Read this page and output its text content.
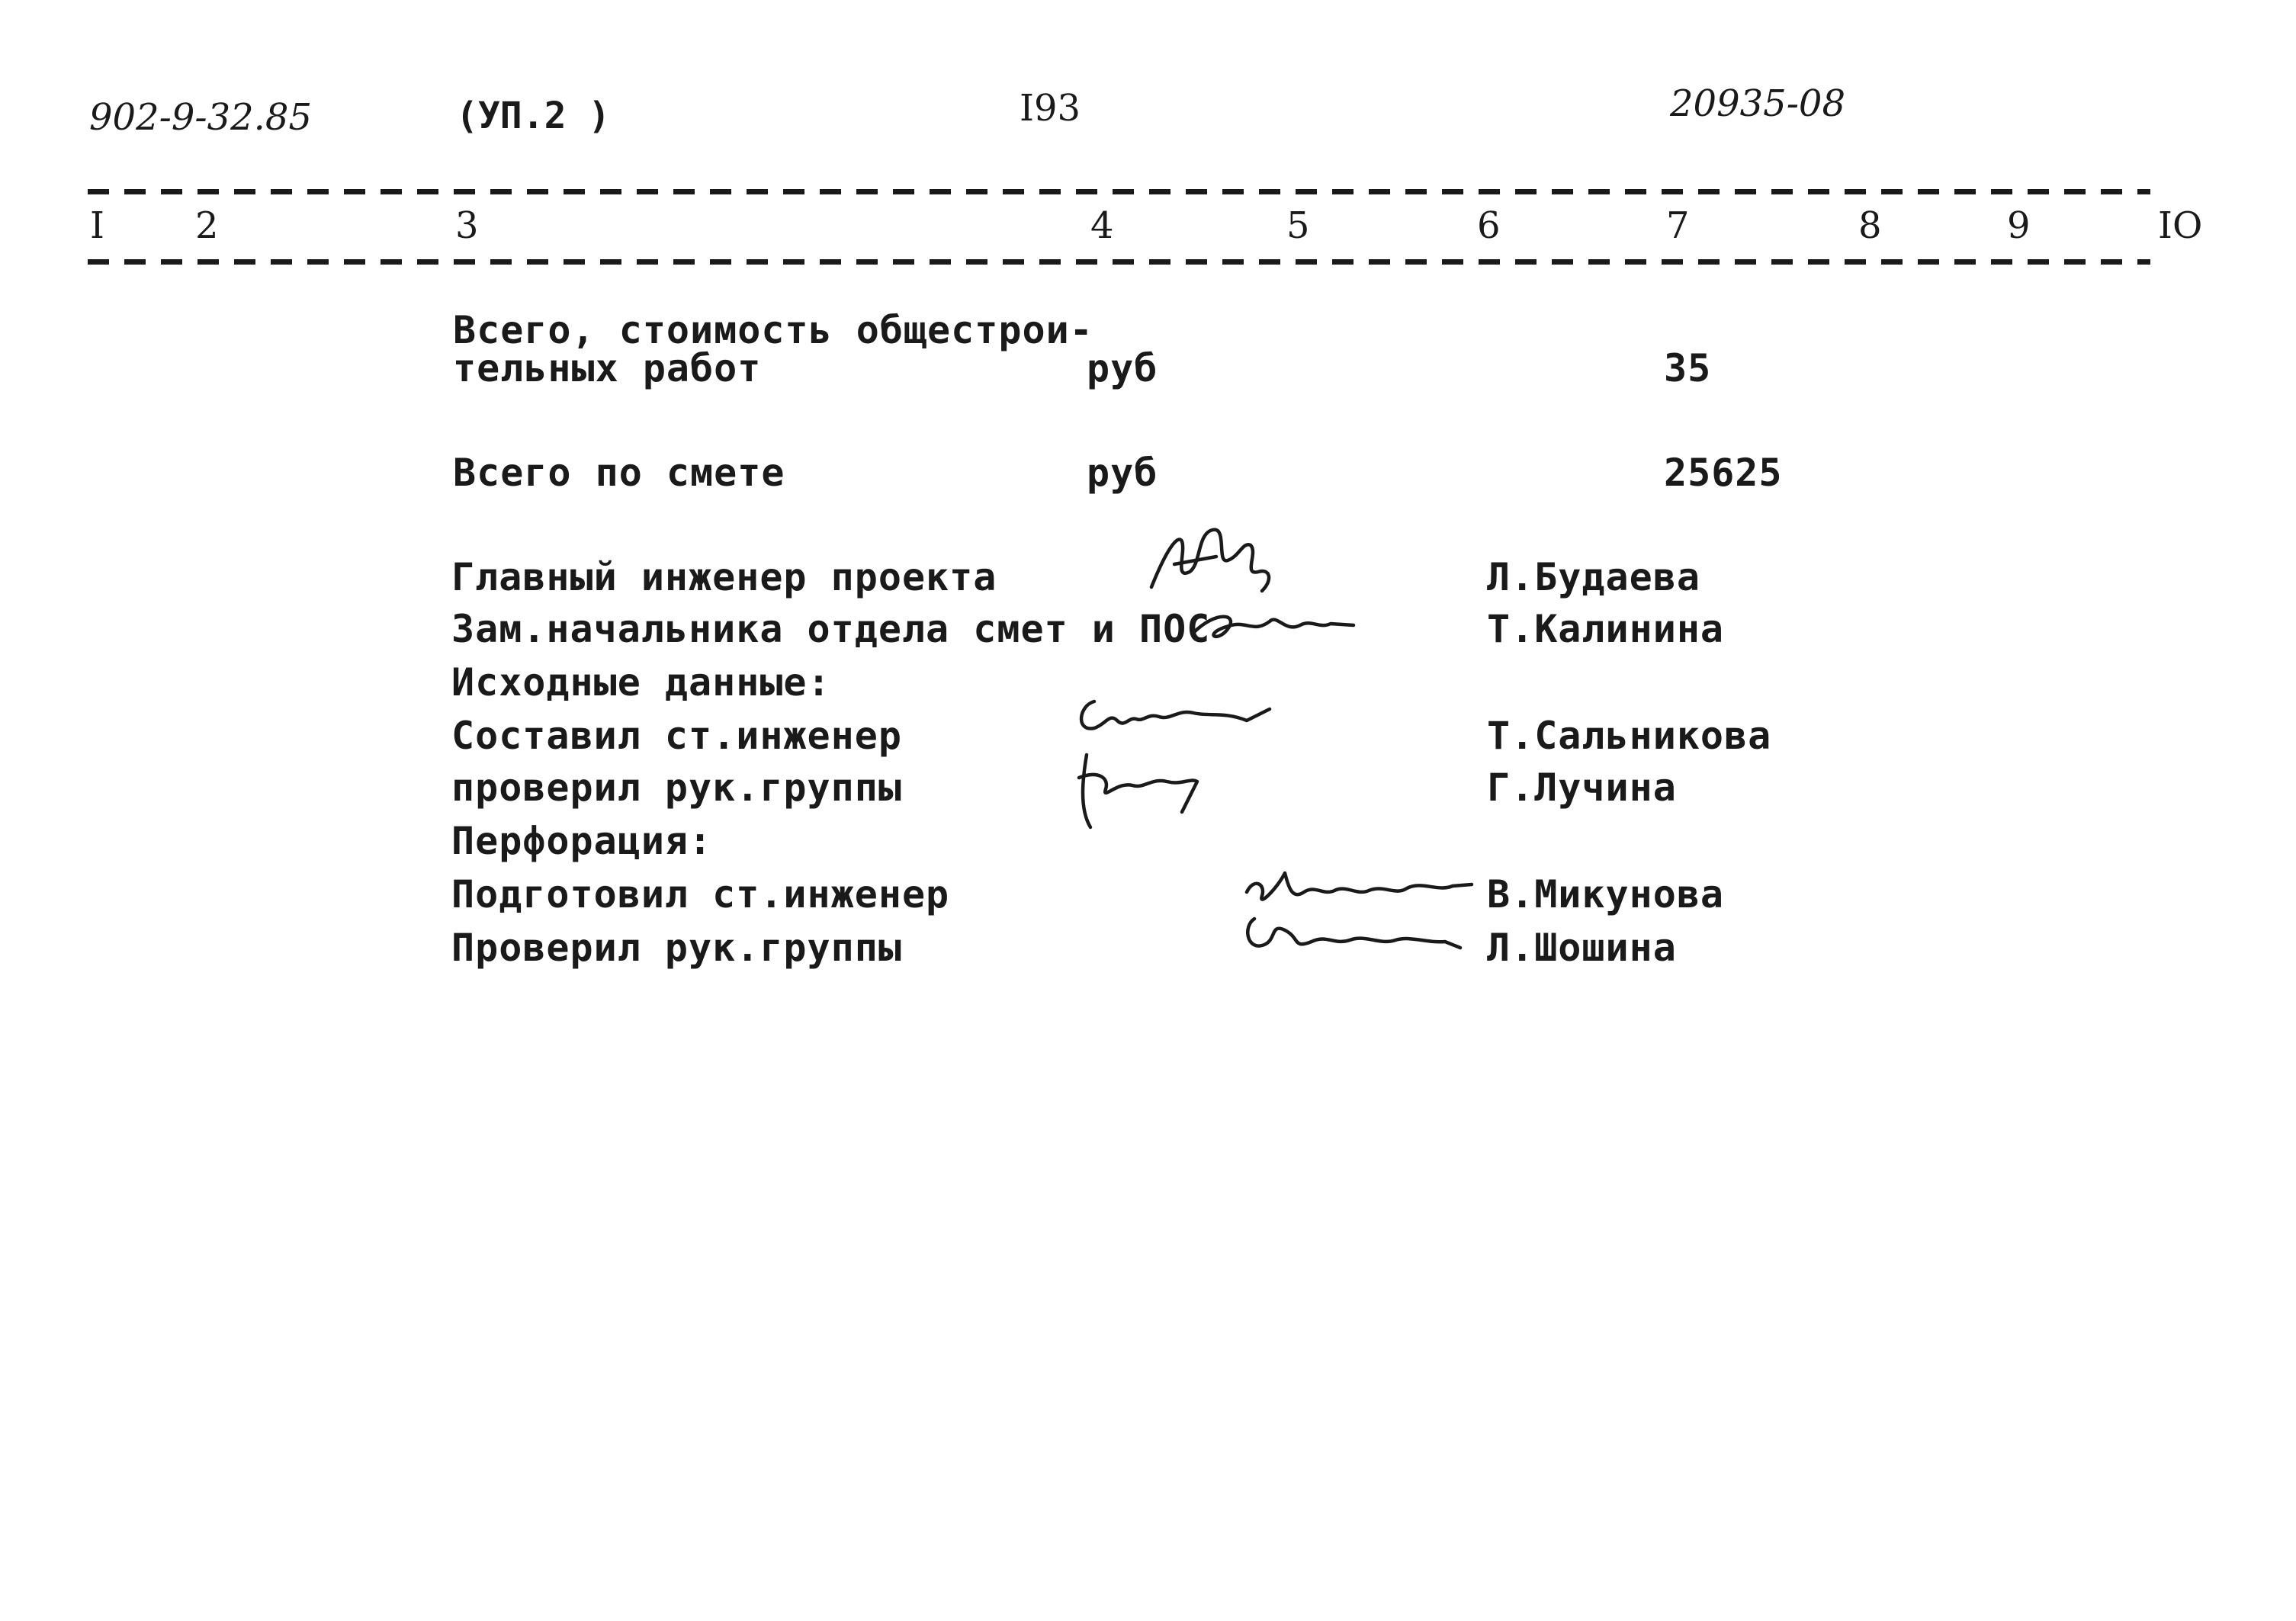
902-9-32.85	(УП.2 )	I93	20935-08
I 2	3	4	5	6	7	8	9	IO
Всего, стоимость общестрои-
тельных работ	руб	35
Всего по смете	руб	25625
Главный инженер проекта	Л.Будаева
Зам.начальника отдела смет и ПОС	Т.Калинина
Исходные данные:
Составил ст.инженер	Т.Сальникова
проверил рук.группы	Г.Лучина
Перфорация:
Подготовил ст.инженер	В.Микунова
Проверил рук.группы	Л.Шошина
